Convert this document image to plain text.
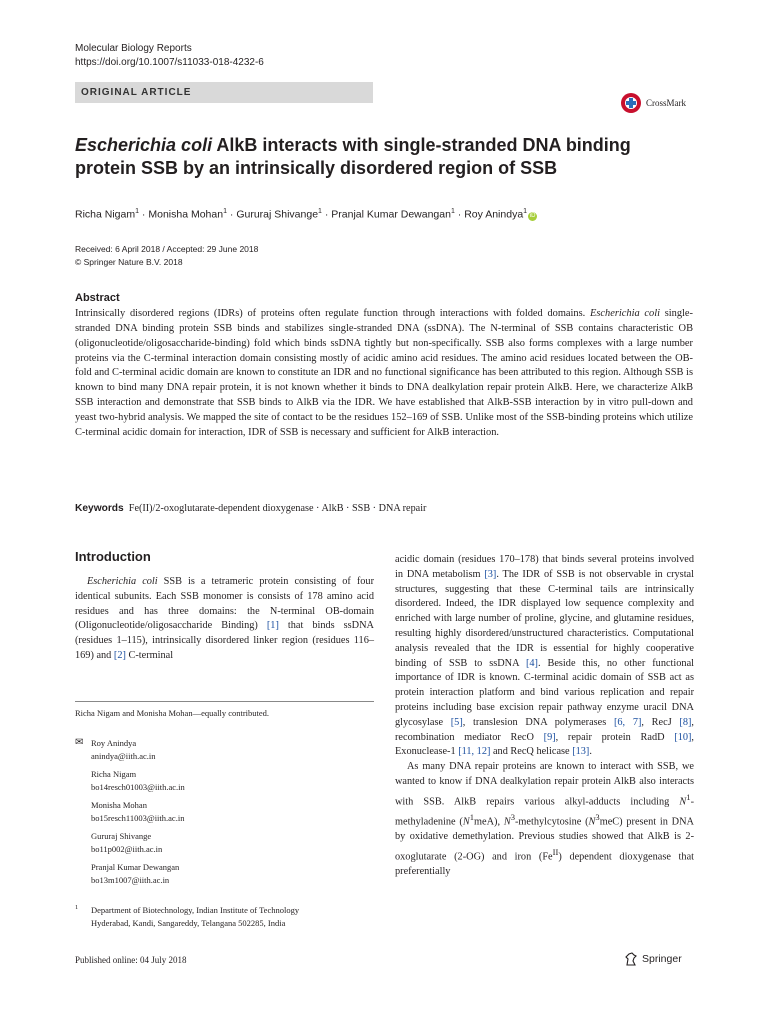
Molecular Biology Reports
https://doi.org/10.1007/s11033-018-4232-6
ORIGINAL ARTICLE
CrossMark
Escherichia coli AlkB interacts with single-stranded DNA binding
protein SSB by an intrinsically disordered region of SSB
Richa Nigam$^1$ · Monisha Mohan$^1$ · Gururaj Shivange$^1$ · Pranjal Kumar Dewangan$^1$ · Roy Anindya$^1$iD
Received: 6 April 2018 / Accepted: 29 June 2018
© Springer Nature B.V. 2018
Abstract
Intrinsically disordered regions (IDRs) of proteins often regulate function through interactions with folded domains. Escherichia coli single-stranded DNA binding protein SSB binds and stabilizes single-stranded DNA (ssDNA). The N-terminal of SSB contains characteristic OB (oligonucleotide/oligosaccharide-binding) fold which binds ssDNA tightly but non-specifically. SSB also forms complexes with a large number proteins via the C-terminal interaction domain consisting mostly of acidic amino acid residues. The amino acid residues located between the OB-fold and C-terminal acidic domain are known to constitute an IDR and no functional significance has been attributed to this region. Although SSB is known to bind many DNA repair protein, it is not known whether it binds to DNA dealkylation repair protein AlkB. Here, we characterize AlkB SSB interaction and demonstrate that SSB binds to AlkB via the IDR. We have established that AlkB-SSB interaction by in vitro pull-down and yeast two-hybrid analysis. We mapped the site of contact to be the residues 152–169 of SSB. Unlike most of the SSB-binding proteins which utilize C-terminal acidic domain for interaction, IDR of SSB is necessary and sufficient for AlkB interaction.
Keywords Fe(II)/2-oxoglutarate-dependent dioxygenase · AlkB · SSB · DNA repair
Introduction

Escherichia coli SSB is a tetrameric protein consisting of four identical subunits. Each SSB monomer is consists of 178 amino acid residues and has three domains: the N-terminal OB-domain (Oligonucleotide/oligosaccharide Binding) [1] that binds ssDNA (residues 1–115), intrinsically disordered linker region (residues 116–169) and [2] C-terminal

acidic domain (residues 170–178) that binds several proteins involved in DNA metabolism [3]. The IDR of SSB is not observable in crystal structures, suggesting that these C-terminal tails are intrinsically disordered. Indeed, the IDR displayed low sequence complexity and enriched with large number of proline, glycine, and glutamine residues, resulting highly disordered/unstructured characteristics. Computational analysis revealed that the IDR is essential for highly cooperative binding of SSB to ssDNA [4]. Beside this, no other functional importance of IDR is known. C-terminal acidic domain of SSB act as protein interaction platform and bind various replication and repair proteins including base excision repair pathway enzyme uracil DNA glycosylase [5], translesion DNA polymerases [6, 7], RecJ [8], recombination mediator RecO [9], repair protein RadD [10], Exonuclease-1 [11, 12] and RecQ helicase [13].

As many DNA repair proteins are known to interact with SSB, we wanted to know if DNA dealkylation repair protein AlkB also interacts with SSB. AlkB repairs various alkyl-adducts including $N^1$-methyladenine $(N^1meA)$, $N^3$-methylcytosine $(N^3meC)$ present in DNA by oxidative demethylation. Previous studies showed that AlkB is 2-oxoglutarate (2-OG) and iron $(Fe^{II})$ dependent dioxygenase that preferentially

Richa Nigam and Monisha Mohan—equally contributed.
✉ Roy Anindya
anindya@iith.ac.in
Richa Nigam
bo14resch01003@iith.ac.in
Monisha Mohan
bo15resch11003@iith.ac.in
Gururaj Shivange
bo11p002@iith.ac.in
Pranjal Kumar Dewangan
bo13m1007@iith.ac.in
1	Department of Biotechnology, Indian Institute of Technology
Hyderabad, Kandi, Sangareddy, Telangana 502285, India
Published online: 04 July 2018	Springer
